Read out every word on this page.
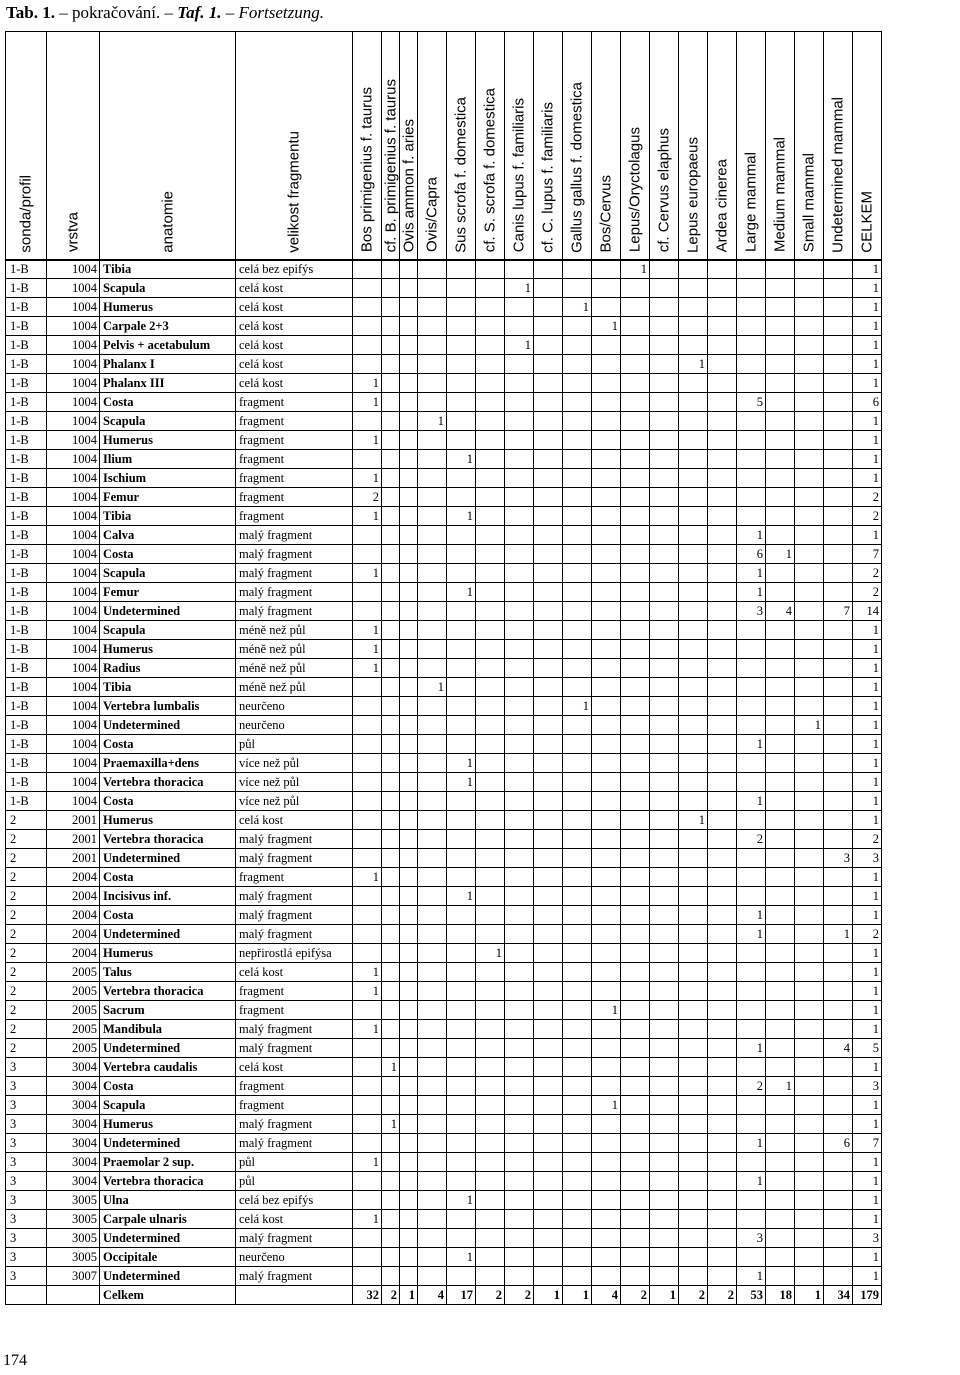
Tab. 1. – pokračování. – Taf. 1. – Fortsetzung.
sonda/profil	vrstva	anatomie	velikost fragmentu	Bos primigenius f. taurus	cf. B. primigenius f. taurus	Ovis ammon f. aries	Ovis/Capra	Sus scrofa f. domestica	cf. S. scrofa f. domestica	Canis lupus f. familiaris	cf. C. lupus f. familiaris	Gallus gallus f. domestica	Bos/Cervus	Lepus/Oryctolagus	cf. Cervus elaphus	Lepus europaeus	Ardea cinerea	Large mammal	Medium mammal	Small mammal	Undetermined mammal	CELKEM

1-B	1004	Tibia	celá bez epifýs											1								1
1-B	1004	Scapula	celá kost							1												1
1-B	1004	Humerus	celá kost									1										1
1-B	1004	Carpale 2+3	celá kost										1									1
1-B	1004	Pelvis + acetabulum	celá kost							1												1
1-B	1004	Phalanx I	celá kost													1						1
1-B	1004	Phalanx III	celá kost	1																		1
1-B	1004	Costa	fragment	1														5				6
1-B	1004	Scapula	fragment				1															1
1-B	1004	Humerus	fragment	1																		1
1-B	1004	Ilium	fragment					1														1
1-B	1004	Ischium	fragment	1																		1
1-B	1004	Femur	fragment	2																		2
1-B	1004	Tibia	fragment	1				1														2
1-B	1004	Calva	malý fragment															1				1
1-B	1004	Costa	malý fragment															6	1			7
1-B	1004	Scapula	malý fragment	1														1				2
1-B	1004	Femur	malý fragment					1										1				2
1-B	1004	Undetermined	malý fragment															3	4		7	14
1-B	1004	Scapula	méně než půl	1																		1
1-B	1004	Humerus	méně než půl	1																		1
1-B	1004	Radius	méně než půl	1																		1
1-B	1004	Tibia	méně než půl				1															1
1-B	1004	Vertebra lumbalis	neurčeno									1										1
1-B	1004	Undetermined	neurčeno																	1		1
1-B	1004	Costa	půl															1				1
1-B	1004	Praemaxilla+dens	více než půl					1														1
1-B	1004	Vertebra thoracica	více než půl					1														1
1-B	1004	Costa	více než půl															1				1
2	2001	Humerus	celá kost													1						1
2	2001	Vertebra thoracica	malý fragment															2				2
2	2001	Undetermined	malý fragment																		3	3
2	2004	Costa	fragment	1																		1
2	2004	Incisivus inf.	malý fragment					1														1
2	2004	Costa	malý fragment															1				1
2	2004	Undetermined	malý fragment															1			1	2
2	2004	Humerus	nepřirostlá epifýsa						1													1
2	2005	Talus	celá kost	1																		1
2	2005	Vertebra thoracica	fragment	1																		1
2	2005	Sacrum	fragment										1									1
2	2005	Mandibula	malý fragment	1																		1
2	2005	Undetermined	malý fragment															1			4	5
3	3004	Vertebra caudalis	celá kost		1																	1
3	3004	Costa	fragment															2	1			3
3	3004	Scapula	fragment										1									1
3	3004	Humerus	malý fragment		1																	1
3	3004	Undetermined	malý fragment															1			6	7
3	3004	Praemolar 2 sup.	půl	1																		1
3	3004	Vertebra thoracica	půl															1				1
3	3005	Ulna	celá bez epifýs					1														1
3	3005	Carpale ulnaris	celá kost	1																		1
3	3005	Undetermined	malý fragment															3				3
3	3005	Occipitale	neurčeno					1														1
3	3007	Undetermined	malý fragment															1				1
		Celkem		32	2	1	4	17	2	2	1	1	4	2	1	2	2	53	18	1	34	179
174
